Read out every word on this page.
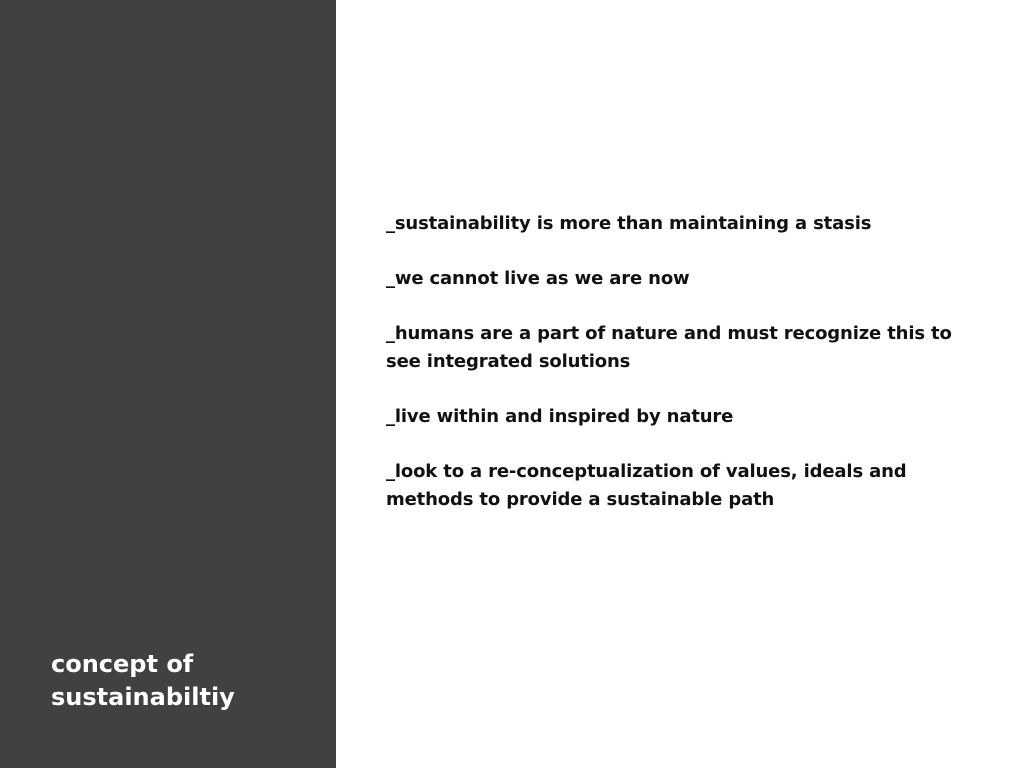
concept of
sustainabiltiy
_sustainability is more than maintaining a stasis
_we cannot live as we are now
_humans are a part of nature and must recognize this to see integrated solutions
_live within and inspired by nature
_look to a re-conceptualization of values, ideals and methods to provide a sustainable path
